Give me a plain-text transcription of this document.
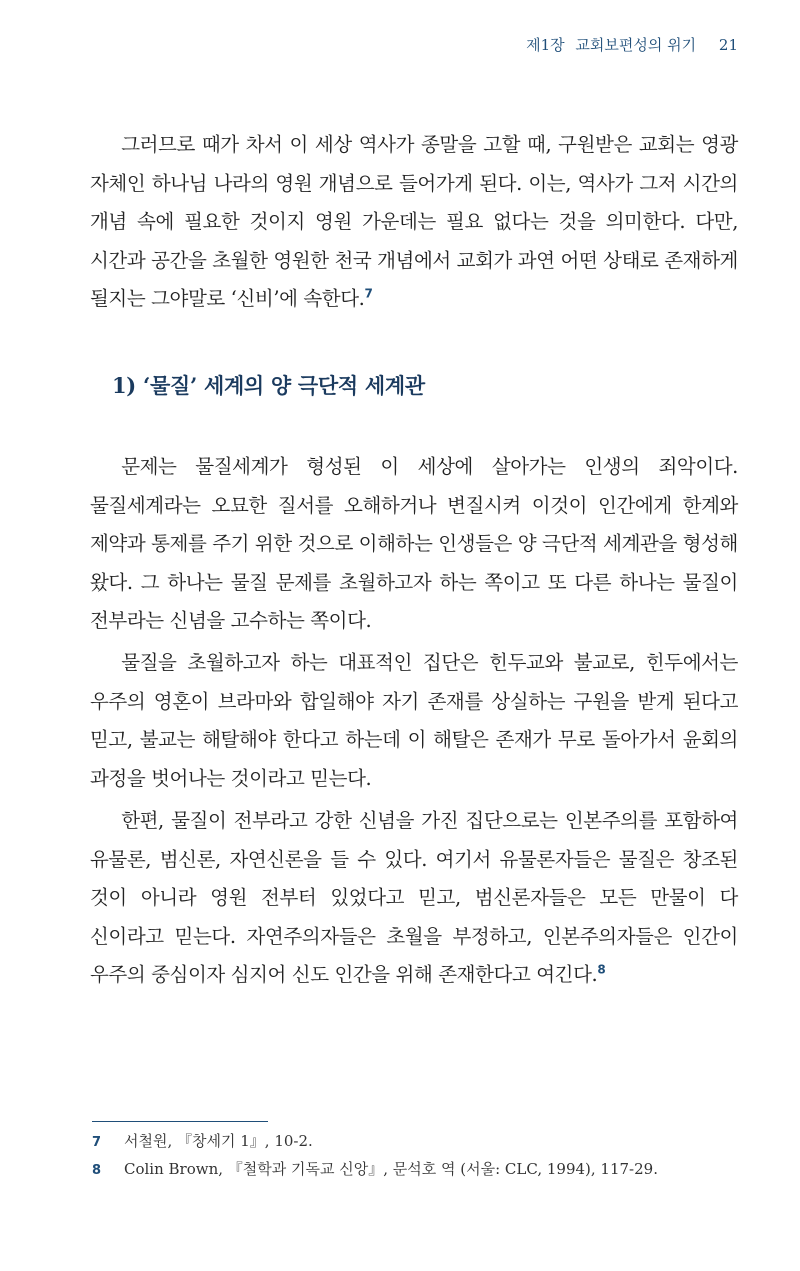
제1장 교회보편성의 위기 21

그러므로 때가 차서 이 세상 역사가 종말을 고할 때, 구원받은 교회는 영광 자체인 하나님 나라의 영원 개념으로 들어가게 된다. 이는, 역사가 그저 시간의 개념 속에 필요한 것이지 영원 가운데는 필요 없다는 것을 의미한다. 다만, 시간과 공간을 초월한 영원한 천국 개념에서 교회가 과연 어떤 상태로 존재하게 될지는 그야말로 ‘신비’에 속한다.$^7$

1) ‘물질’ 세계의 양 극단적 세계관

문제는 물질세계가 형성된 이 세상에 살아가는 인생의 죄악이다. 물질세계라는 오묘한 질서를 오해하거나 변질시켜 이것이 인간에게 한계와 제약과 통제를 주기 위한 것으로 이해하는 인생들은 양 극단적 세계관을 형성해 왔다. 그 하나는 물질 문제를 초월하고자 하는 쪽이고 또 다른 하나는 물질이 전부라는 신념을 고수하는 쪽이다.

물질을 초월하고자 하는 대표적인 집단은 힌두교와 불교로, 힌두에서는 우주의 영혼이 브라마와 합일해야 자기 존재를 상실하는 구원을 받게 된다고 믿고, 불교는 해탈해야 한다고 하는데 이 해탈은 존재가 무로 돌아가서 윤회의 과정을 벗어나는 것이라고 믿는다.

한편, 물질이 전부라고 강한 신념을 가진 집단으로는 인본주의를 포함하여 유물론, 범신론, 자연신론을 들 수 있다. 여기서 유물론자들은 물질은 창조된 것이 아니라 영원 전부터 있었다고 믿고, 범신론자들은 모든 만물이 다 신이라고 믿는다. 자연주의자들은 초월을 부정하고, 인본주의자들은 인간이 우주의 중심이자 심지어 신도 인간을 위해 존재한다고 여긴다.$^8$

7 서철원, 『창세기 1』, 10-2.
8 Colin Brown, 『철학과 기독교 신앙』, 문석호 역 (서울: CLC, 1994), 117-29.
